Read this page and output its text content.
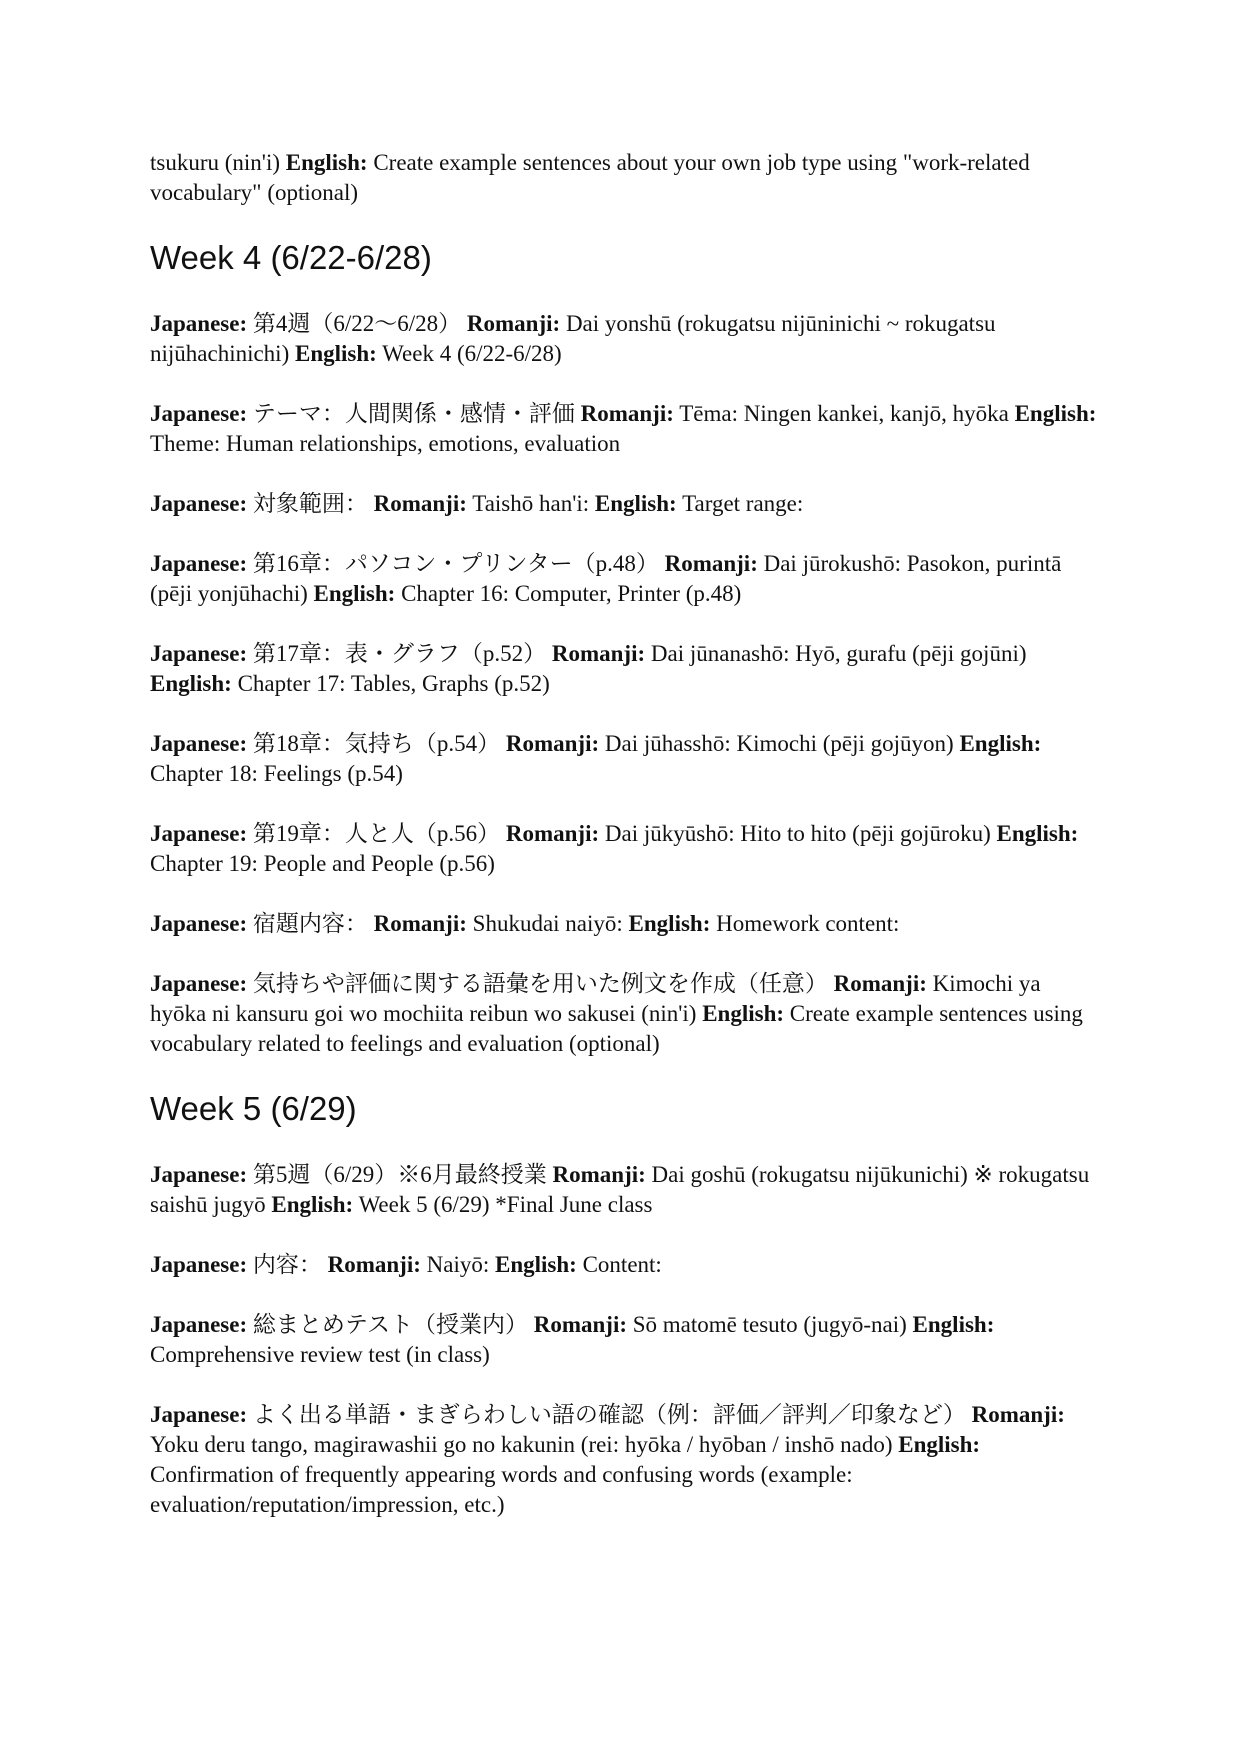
tsukuru (nin'i) English: Create example sentences about your own job type using "work-related vocabulary" (optional)

Week 4 (6/22-6/28)

Japanese: 第4週（6/22〜6/28） Romanji: Dai yonshū (rokugatsu nijūninichi ~ rokugatsu nijūhachinichi) English: Week 4 (6/22-6/28)

Japanese: テーマ：人間関係・感情・評価 Romanji: Tēma: Ningen kankei, kanjō, hyōka English: Theme: Human relationships, emotions, evaluation

Japanese: 対象範囲： Romanji: Taishō han'i: English: Target range:

Japanese: 第16章：パソコン・プリンター（p.48） Romanji: Dai jūrokushō: Pasokon, purintā (pēji yonjūhachi) English: Chapter 16: Computer, Printer (p.48)

Japanese: 第17章：表・グラフ（p.52） Romanji: Dai jūnanashō: Hyō, gurafu (pēji gojūni) English: Chapter 17: Tables, Graphs (p.52)

Japanese: 第18章：気持ち（p.54） Romanji: Dai jūhasshō: Kimochi (pēji gojūyon) English: Chapter 18: Feelings (p.54)

Japanese: 第19章：人と人（p.56） Romanji: Dai jūkyūshō: Hito to hito (pēji gojūroku) English: Chapter 19: People and People (p.56)

Japanese: 宿題内容： Romanji: Shukudai naiyō: English: Homework content:

Japanese: 気持ちや評価に関する語彙を用いた例文を作成（任意） Romanji: Kimochi ya hyōka ni kansuru goi wo mochiita reibun wo sakusei (nin'i) English: Create example sentences using vocabulary related to feelings and evaluation (optional)

Week 5 (6/29)

Japanese: 第5週（6/29）※6月最終授業 Romanji: Dai goshū (rokugatsu nijūkunichi) ※ rokugatsu saishū jugyō English: Week 5 (6/29) *Final June class

Japanese: 内容： Romanji: Naiyō: English: Content:

Japanese: 総まとめテスト（授業内） Romanji: Sō matomē tesuto (jugyō-nai) English: Comprehensive review test (in class)

Japanese: よく出る単語・まぎらわしい語の確認（例：評価／評判／印象など） Romanji: Yoku deru tango, magirawashii go no kakunin (rei: hyōka / hyōban / inshō nado) English: Confirmation of frequently appearing words and confusing words (example: evaluation/reputation/impression, etc.)
